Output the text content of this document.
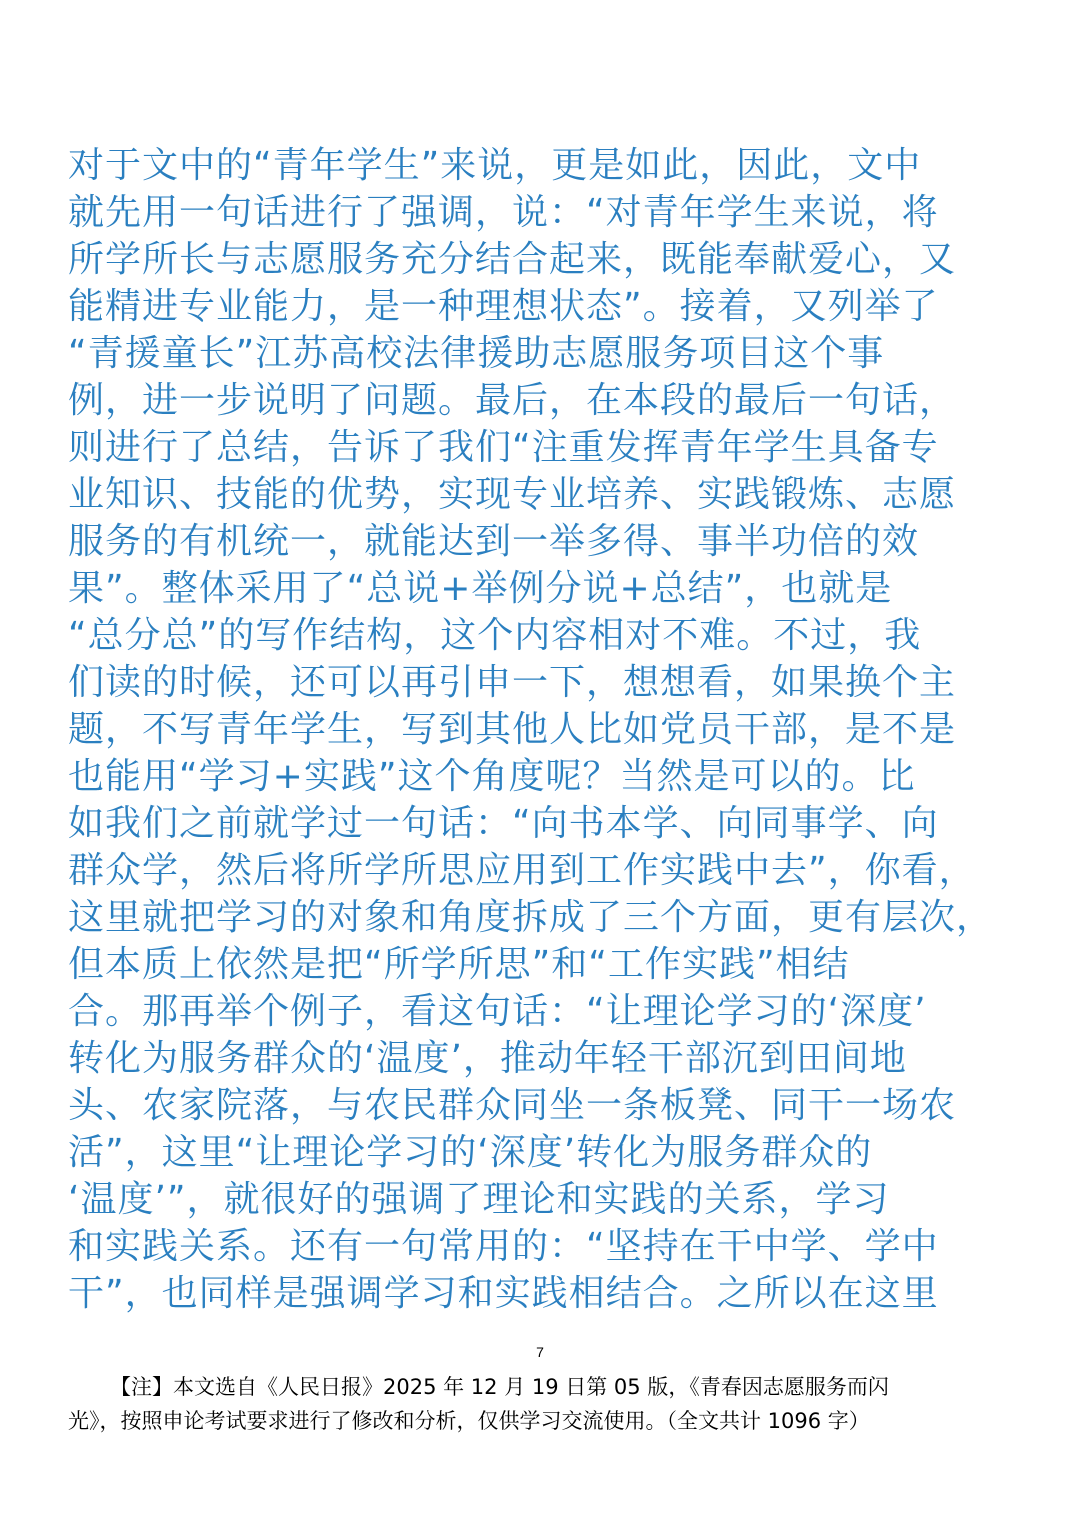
对于文中的“青年学生”来说，更是如此，因此，文中
就先用一句话进行了强调，说：“对青年学生来说，将
所学所长与志愿服务充分结合起来，既能奉献爱心，又
能精进专业能力，是一种理想状态”。接着，又列举了
“青援童长”江苏高校法律援助志愿服务项目这个事
例，进一步说明了问题。最后，在本段的最后一句话，
则进行了总结，告诉了我们“注重发挥青年学生具备专
业知识、技能的优势，实现专业培养、实践锻炼、志愿
服务的有机统一，就能达到一举多得、事半功倍的效
果”。整体采用了“总说+举例分说+总结”，也就是
“总分总”的写作结构，这个内容相对不难。不过，我
们读的时候，还可以再引申一下，想想看，如果换个主
题，不写青年学生，写到其他人比如党员干部，是不是
也能用“学习+实践”这个角度呢？当然是可以的。比
如我们之前就学过一句话：“向书本学、向同事学、向
群众学，然后将所学所思应用到工作实践中去”，你看，
这里就把学习的对象和角度拆成了三个方面，更有层次，
但本质上依然是把“所学所思”和“工作实践”相结
合。那再举个例子，看这句话：“让理论学习的‘深度’
转化为服务群众的‘温度’，推动年轻干部沉到田间地
头、农家院落，与农民群众同坐一条板凳、同干一场农
活”，这里“让理论学习的‘深度’转化为服务群众的
‘温度’”，就很好的强调了理论和实践的关系，学习
和实践关系。还有一句常用的：“坚持在干中学、学中
干”，也同样是强调学习和实践相结合。之所以在这里
7
【注】本文选自《人民日报》2025 年 12 月 19 日第 05 版，《青春因志愿服务而闪
光》，按照申论考试要求进行了修改和分析，仅供学习交流使用。（全文共计 1096 字）
